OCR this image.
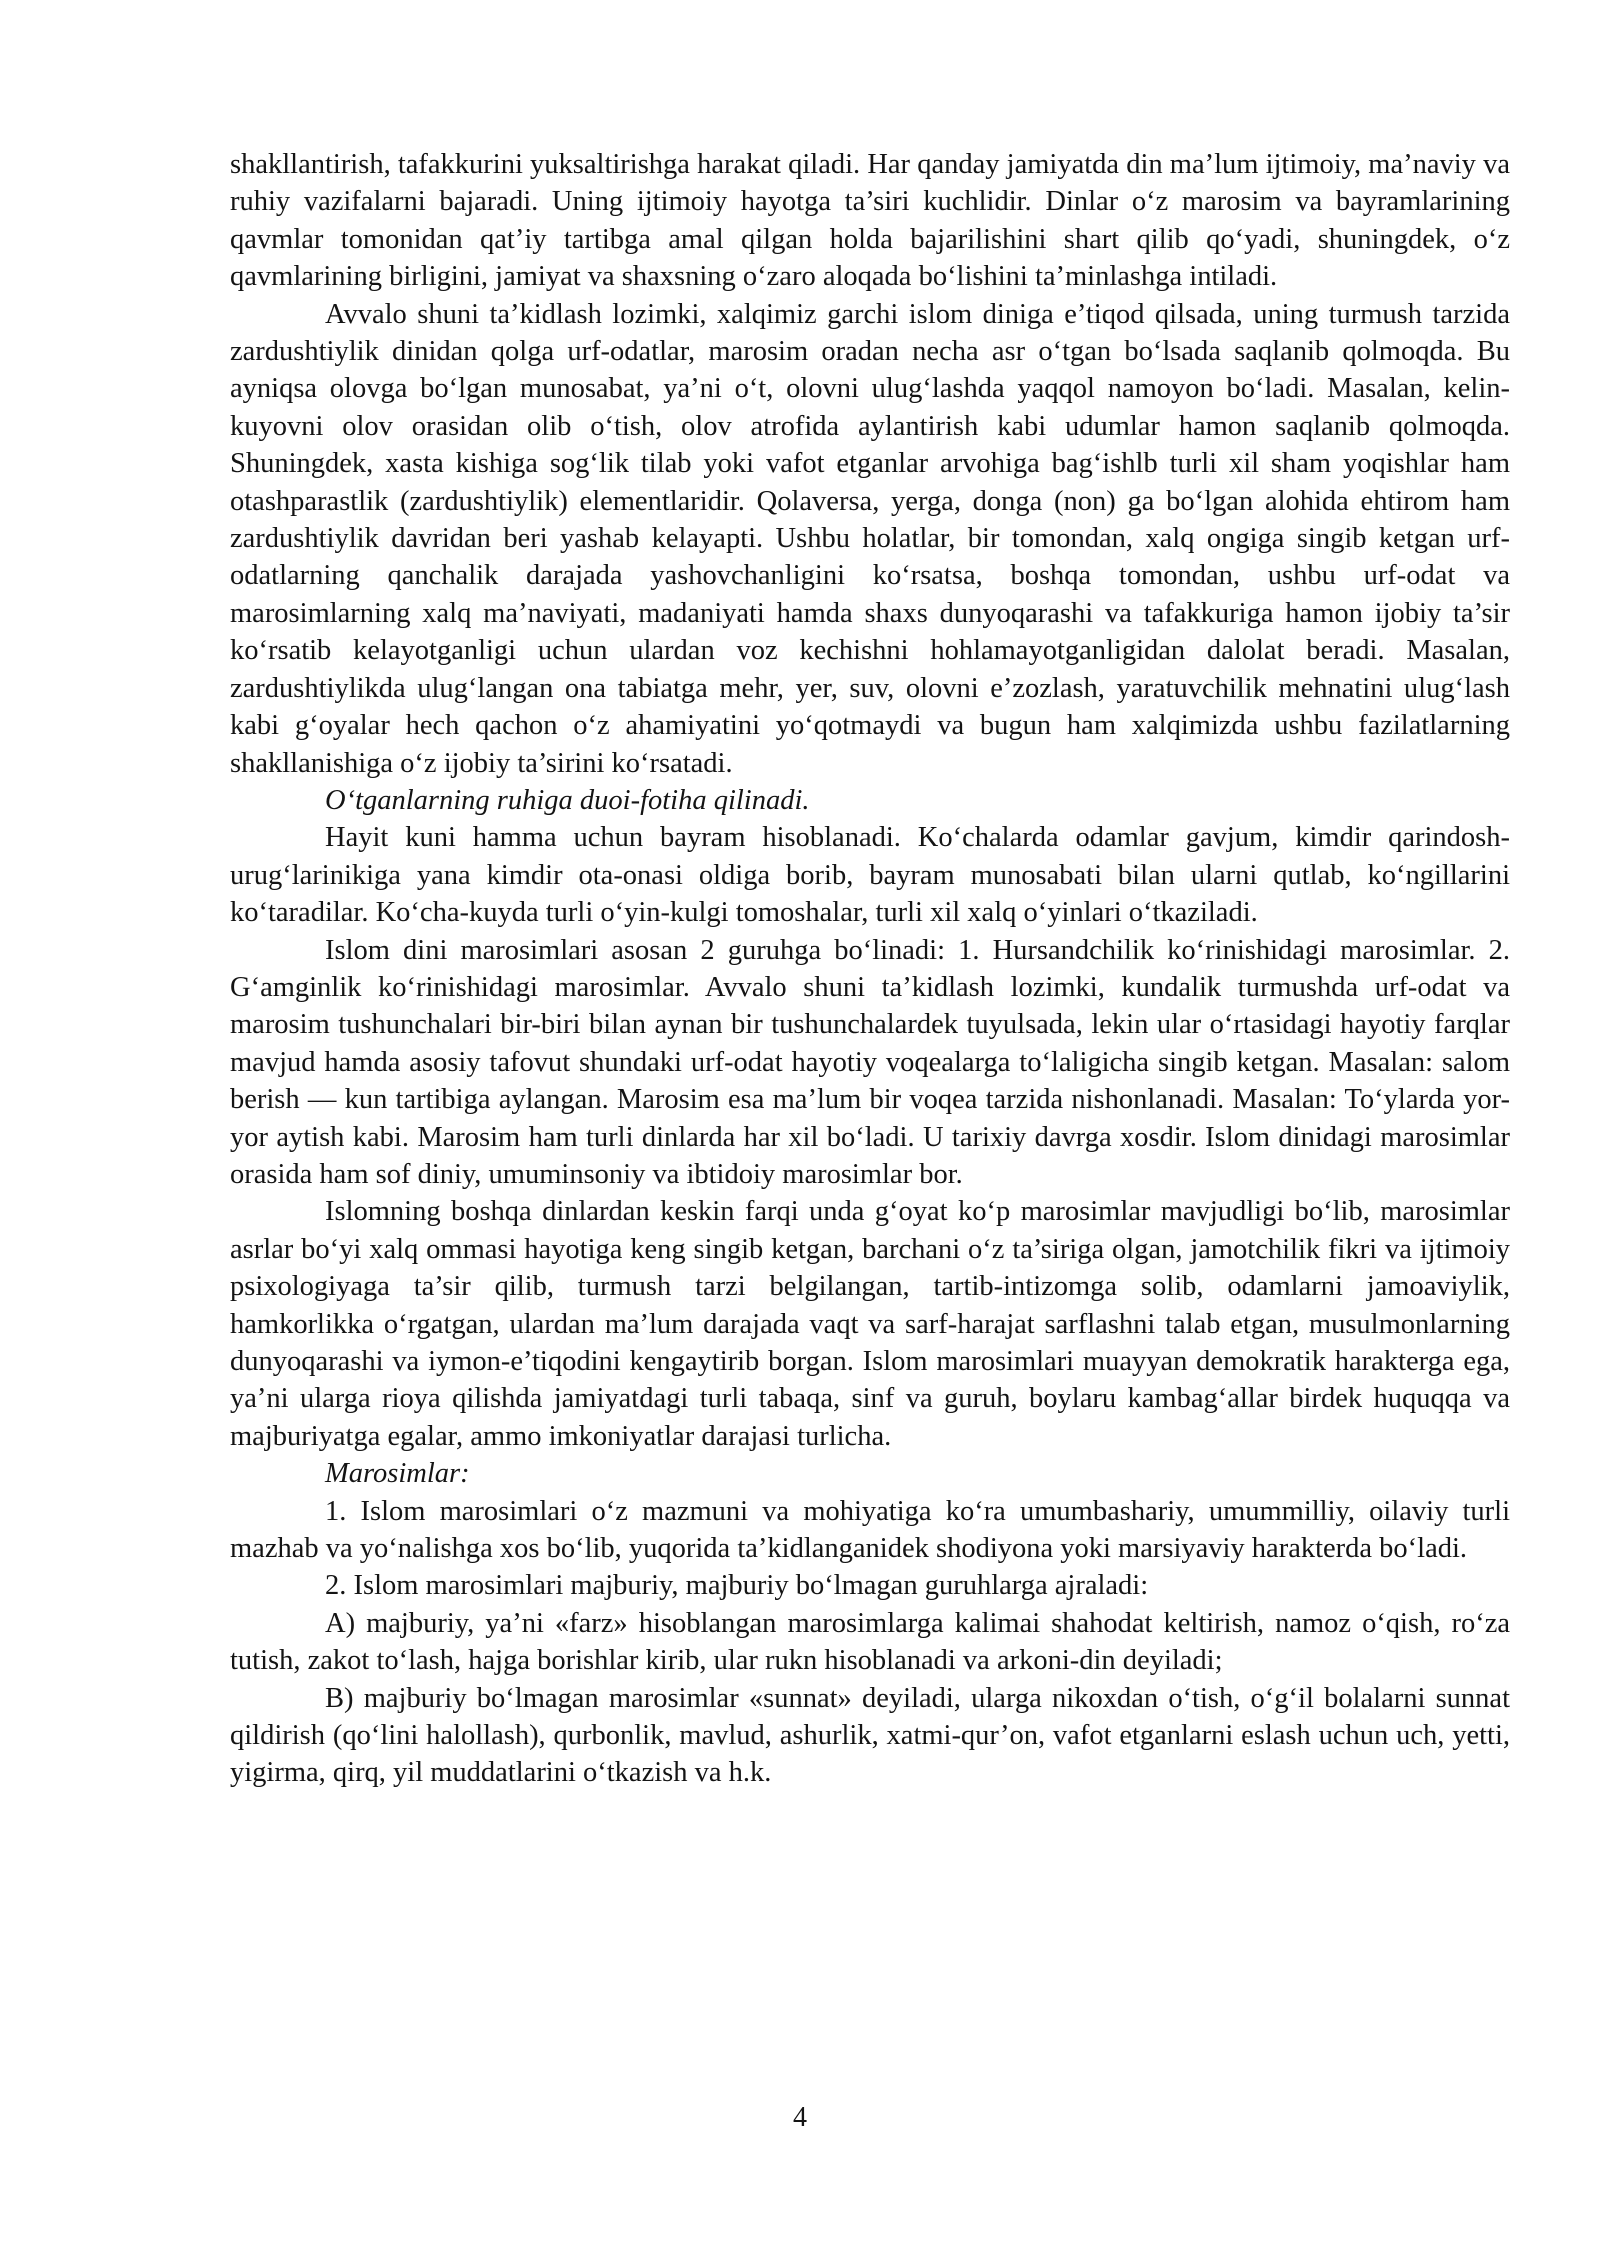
shakllantirish, tafakkurini yuksaltirishga harakat qiladi. Har qanday jamiyatda din ma’lum ijtimoiy, ma’naviy va ruhiy vazifalarni bajaradi. Uning ijtimoiy hayotga ta’siri kuchlidir. Dinlar o‘z marosim va bayramlarining qavmlar tomonidan qat’iy tartibga amal qilgan holda bajarilishini shart qilib qo‘yadi, shuningdek, o‘z qavmlarining birligini, jamiyat va shaxsning o‘zaro aloqada bo‘lishini ta’minlashga intiladi.

Avvalo shuni ta’kidlash lozimki, xalqimiz garchi islom diniga e’tiqod qilsada, uning turmush tarzida zardushtiylik dinidan qolga urf-odatlar, marosim oradan necha asr o‘tgan bo‘lsada saqlanib qolmoqda. Bu ayniqsa olovga bo‘lgan munosabat, ya’ni o‘t, olovni ulug‘lashda yaqqol namoyon bo‘ladi. Masalan, kelin-kuyovni olov orasidan olib o‘tish, olov atrofida aylantirish kabi udumlar hamon saqlanib qolmoqda. Shuningdek, xasta kishiga sog‘lik tilab yoki vafot etganlar arvohiga bag‘ishlb turli xil sham yoqishlar ham otashparastlik (zardushtiylik) elementlaridir. Qolaversa, yerga, donga (non) ga bo‘lgan alohida ehtirom ham zardushtiylik davridan beri yashab kelayapti. Ushbu holatlar, bir tomondan, xalq ongiga singib ketgan urf-odatlarning qanchalik darajada yashovchanligini ko‘rsatsa, boshqa tomondan, ushbu urf-odat va marosimlarning xalq ma’naviyati, madaniyati hamda shaxs dunyoqarashi va tafakkuriga hamon ijobiy ta’sir ko‘rsatib kelayotganligi uchun ulardan voz kechishni hohlamayotganligidan dalolat beradi. Masalan, zardushtiylikda ulug‘langan ona tabiatga mehr, yer, suv, olovni e’zozlash, yaratuvchilik mehnatini ulug‘lash kabi g‘oyalar hech qachon o‘z ahamiyatini yo‘qotmaydi va bugun ham xalqimizda ushbu fazilatlarning shakllanishiga o‘z ijobiy ta’sirini ko‘rsatadi.

O‘tganlarning ruhiga duoi-fotiha qilinadi.

Hayit kuni hamma uchun bayram hisoblanadi. Ko‘chalarda odamlar gavjum, kimdir qarindosh-urug‘larinikiga yana kimdir ota-onasi oldiga borib, bayram munosabati bilan ularni qutlab, ko‘ngillarini ko‘taradilar. Ko‘cha-kuyda turli o‘yin-kulgi tomoshalar, turli xil xalq o‘yinlari o‘tkaziladi.

Islom dini marosimlari asosan 2 guruhga bo‘linadi: 1. Hursandchilik ko‘rinishidagi marosimlar. 2. G‘amginlik ko‘rinishidagi marosimlar. Avvalo shuni ta’kidlash lozimki, kundalik turmushda urf-odat va marosim tushunchalari bir-biri bilan aynan bir tushunchalardek tuyulsada, lekin ular o‘rtasidagi hayotiy farqlar mavjud hamda asosiy tafovut shundaki urf-odat hayotiy voqealarga to‘laligicha singib ketgan. Masalan: salom berish — kun tartibiga aylangan. Marosim esa ma’lum bir voqea tarzida nishonlanadi. Masalan: To‘ylarda yor-yor aytish kabi. Marosim ham turli dinlarda har xil bo‘ladi. U tarixiy davrga xosdir. Islom dinidagi marosimlar orasida ham sof diniy, umuminsoniy va ibtidoiy marosimlar bor.

Islomning boshqa dinlardan keskin farqi unda g‘oyat ko‘p marosimlar mavjudligi bo‘lib, marosimlar asrlar bo‘yi xalq ommasi hayotiga keng singib ketgan, barchani o‘z ta’siriga olgan, jamotchilik fikri va ijtimoiy psixologiyaga ta’sir qilib, turmush tarzi belgilangan, tartib-intizomga solib, odamlarni jamoaviylik, hamkorlikka o‘rgatgan, ulardan ma’lum darajada vaqt va sarf-harajat sarflashni talab etgan, musulmonlarning dunyoqarashi va iymon-e’tiqodini kengaytirib borgan. Islom marosimlari muayyan demokratik harakterga ega, ya’ni ularga rioya qilishda jamiyatdagi turli tabaqa, sinf va guruh, boylaru kambag‘allar birdek huquqqa va majburiyatga egalar, ammo imkoniyatlar darajasi turlicha.

Marosimlar:

1. Islom marosimlari o‘z mazmuni va mohiyatiga ko‘ra umumbashariy, umummilliy, oilaviy turli mazhab va yo‘nalishga xos bo‘lib, yuqorida ta’kidlanganidek shodiyona yoki marsiyaviy harakterda bo‘ladi.

2. Islom marosimlari majburiy, majburiy bo‘lmagan guruhlarga ajraladi:

A) majburiy, ya’ni «farz» hisoblangan marosimlarga kalimai shahodat keltirish, namoz o‘qish, ro‘za tutish, zakot to‘lash, hajga borishlar kirib, ular rukn hisoblanadi va arkoni-din deyiladi;

B) majburiy bo‘lmagan marosimlar «sunnat» deyiladi, ularga nikoxdan o‘tish, o‘g‘il bolalarni sunnat qildirish (qo‘lini halollash), qurbonlik, mavlud, ashurlik, xatmi-qur’on, vafot etganlarni eslash uchun uch, yetti, yigirma, qirq, yil muddatlarini o‘tkazish va h.k.

4
